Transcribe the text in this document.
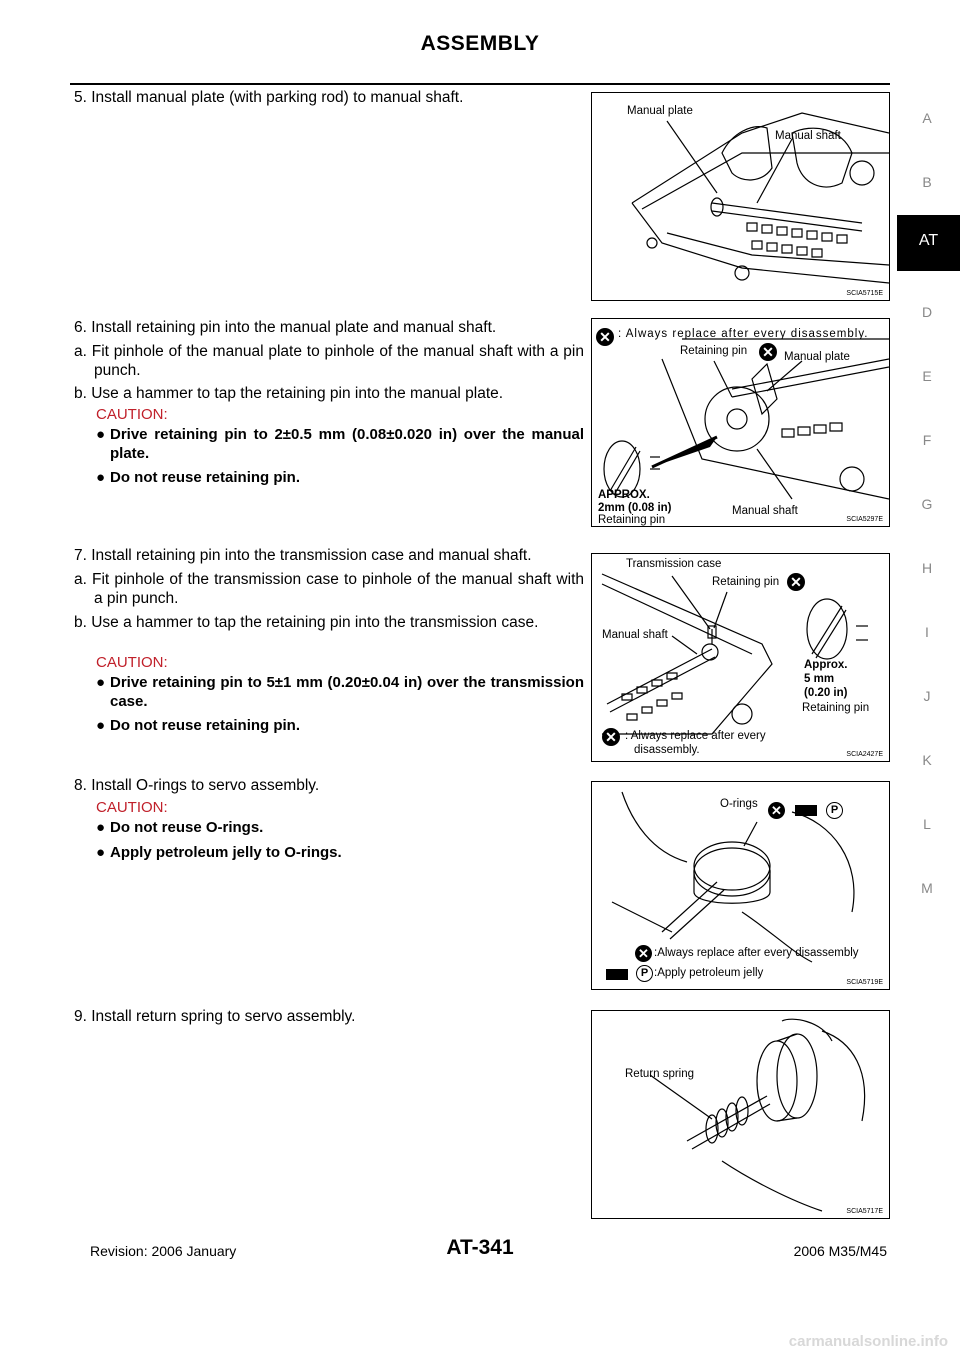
ASSEMBLY
A
B
AT
D
E
F
G
H
I
J
K
L
M
5. Install manual plate (with parking rod) to manual shaft.
6. Install retaining pin into the manual plate and manual shaft.
a. Fit pinhole of the manual plate to pinhole of the manual shaft with a pin punch.
b. Use a hammer to tap the retaining pin into the manual plate.
CAUTION:
● Drive retaining pin to 2±0.5 mm (0.08±0.020 in) over the manual plate.
● Do not reuse retaining pin.
7. Install retaining pin into the transmission case and manual shaft.
a. Fit pinhole of the transmission case to pinhole of the manual shaft with a pin punch.
b. Use a hammer to tap the retaining pin into the transmission case.
CAUTION:
● Drive retaining pin to 5±1 mm (0.20±0.04 in) over the transmission case.
● Do not reuse retaining pin.
8. Install O-rings to servo assembly.
CAUTION:
● Do not reuse O-rings.
● Apply petroleum jelly to O-rings.
9. Install return spring to servo assembly.
Manual plate
Manual shaft
SCIA5715E
✕ : Always replace after every disassembly.
Retaining pin ✕ Manual plate
Manual shaft
APPROX.
2mm (0.08 in)
Retaining pin	SCIA5297E
Transmission case
Retaining pin ✕
Manual shaft
Approx.
5 mm
(0.20 in)
Retaining pin
✕ : Always replace after every
disassembly.	SCIA2427E
O-rings ✕	P
✕ :Always replace after every disassembly
P :Apply petroleum jelly
SCIA5719E
Return spring
SCIA5717E
Revision: 2006 January	AT-341	2006 M35/M45
carmanualsonline.info
